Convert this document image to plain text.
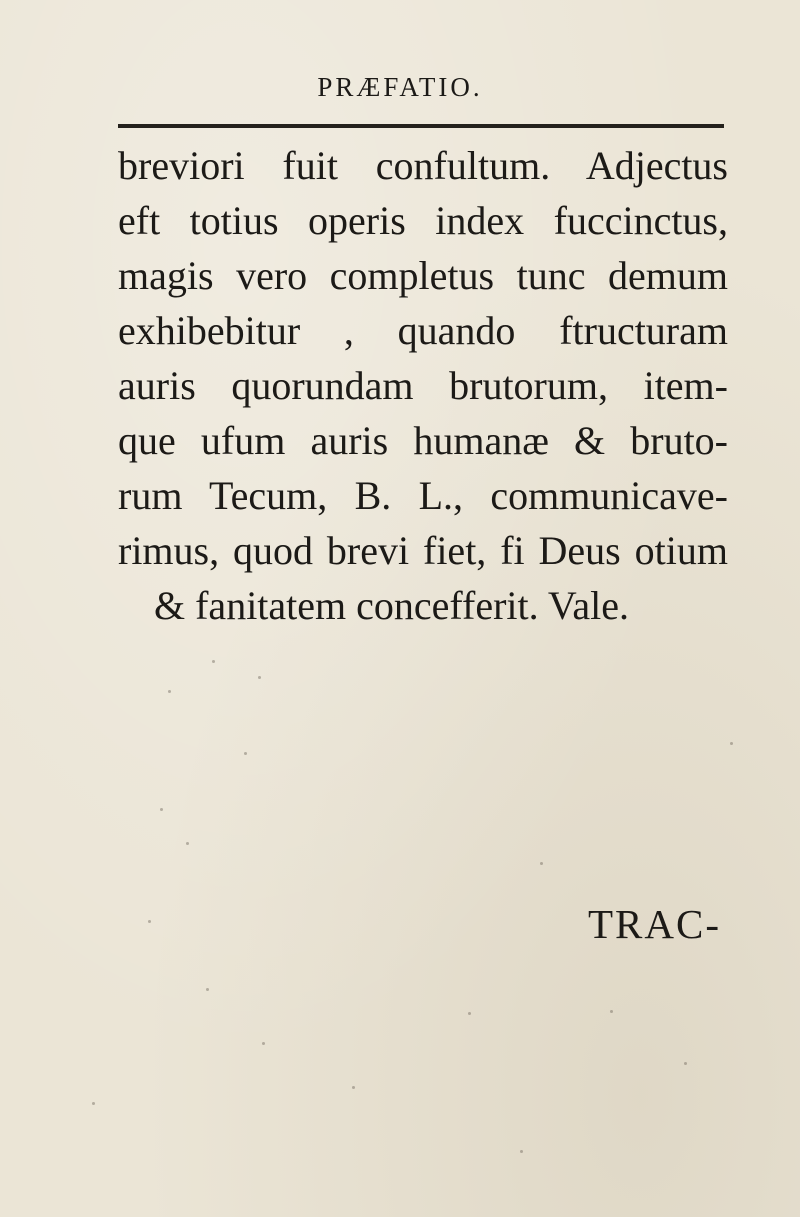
PRÆFATIO.
breviori fuit confultum. Adjectus
eft totius operis index fuccinctus,
magis vero completus tunc demum
exhibebitur , quando ftructuram
auris quorundam brutorum, item-
que ufum auris humanæ & bruto-
rum Tecum, B. L., communicave-
rimus, quod brevi fiet, fi Deus otium
& fanitatem concefferit. Vale.
TRAC-
